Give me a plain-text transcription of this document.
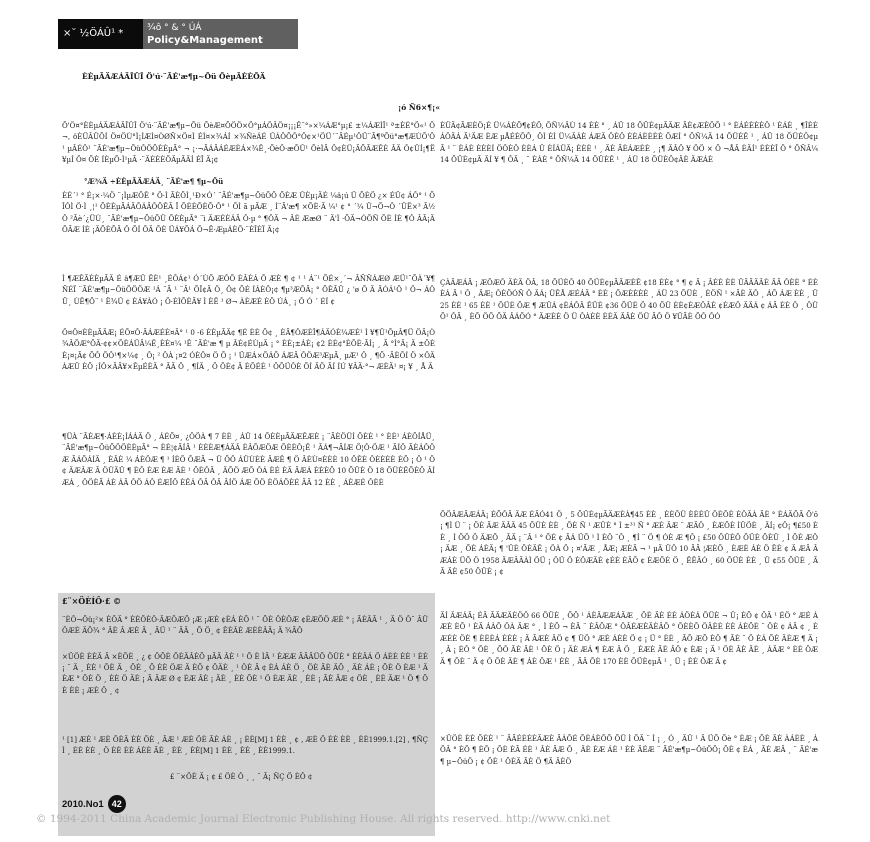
×˘ ½ÖÁÛ¹ *	¾ô ° & ° ÚÁ
Policy&Management
ÈÈµÃÄÆÁÄÎÛÎ Ö'ú·¨ÃÉ'æ¶µ~Õü ÕèµÃÈÈÕÄ
¡ó Ñ6×¶¡«
Õ'Ö¤°ÈÈµÁÄÆÁÄÎÛÎ Ö'ú·¨ÃÉ'æ¶µ~Õü ÕèÆ¤ÕÖÖ×Ö°µÁÖÂÖ¤¡¡¡Ê¨°»×¼ÁÆ°µ¡£ ±¼ÁÆÌÎ¹ ª±ÈÉ°Ö«¹ Ô¬, öÈÜÂÜÕÍ Ö¤ÖÙ°Ì¡ÌÆÌ¤ÒØÑ×Ö¤Ì ÉÌ¤×¾ÁÍ ×¾ÑèÁÉ ÛÁÔÕÔ°Ô¢×¹ÖÜ´¨ÄÉµ¹ÔÜ¨Ã¶ºÕü°æ¶ÆÙÕ'Ô ¹ µÂÉÔ¹ ¨ÃÉ'æ¶µ~ÕüÔÖÕÈÈµÃ° ¬ ¡·¬ÃÁÄÁÉÆÈÁ×¾Ê¸·ÕèÔ·æÕÛ¹ ÕèÌÄ Ô¢ÈÜ¡ÄÕÃÆÊÈ ÂÄ Ô¢ÛÍ¡¶Ë¥µÍ Ö¤ ÕÈ ÍÈµÕ·Ì¹µÃ ·¨ÄÉÈÈÕÄµÃÄÍ ÉÎ Ä¡¢
°Æ¾Ä ÷ÈÈµÃÄÆÁÄ¸ ¨ÃÉ'æ¶ ¶µ~Õü
ÈÉ´¹ ° É¡×·¼Ö ¨¡ÌµÆÖÊ ° Ö·Ì ÃÈÕÌ¸¹Ð×Ó´ ¨ÃÉ'æ¶µ~ÕüÕÖ ÕÈÆ ÛÈµ¡ÄÉ ¼ä¡ú Ü ÕÈÖ ¿× ÉÜ¢ ÁÔ° ¹ ÕÎÔÌ Ö·Ì ¸¦¹ ÕÈÈµÃÁÄÕÁÄÔÕÊÃ Î ÕÈÈÕÈÕ·Ô° ¹ ÕÌ ã µÃÆ ¸ Í¨Ã'æ¶ ×ÕÈ·Ã ¼¹ ¢ ° ´¼ Ü¬Õ¬Ô ´ÜË×³ Ã½ Ô ²Ãè´¿ÜÙ¸ ¨ÃÉ'æ¶µ~ÕüÕÜ ÕÈÈµÃ° ¨ì ÄÆÉÈÁÄ Ô·µ ° ¶ÔÄ ¬ ÂÈ ÆæØ ¨ Ä'Ì ·ÕÄ¬ÓÕÑ ÕÈ ÍÈ ¶Ô ÂÃ¡ÄÕÃÆ ÍÈ ¡ÄÕÈÕÄ Ô ÕÍ ÕÄ ÕÈ ÜÁ¥ÕÁ Õ¬Ê·ÆµÁÈÕ·¨ÈÎÉÏ Ä¡¢
Ì ¶ÆÊÃÈÈµÃÄ É ä¶ÆÛ ÊÈ¹ ¸ÉÔÁ¢¹ Ó´ÙÕ ÆÔÕ ÈÂÈÁ Õ ÆÈ ¶ ¢ ¹ ¹ Á¨¹ ÕÉ×¸´¬ ÂÑÑÁÆØ ÆÜ¹¨ÕÀ´¥¶ ÑÉÏ ¨ÃÉ'æ¶µ~ÕüÕÖÖÆ ¹Á ¨Ã ¹ ¨Â¹ ÕÎ¢Ä Ö¸ Ö¢ ÕÉ ÍÁÈÔ¡¢ ¶µ³ÆÕÄ¡ ° ÕÊÃÜ ¿ 'ø Õ Ä ÄÓÁ¹Ö ¹ Ö¬ ÁÔ Ü¸ ÙÊ¶Õ¨ ¹ Ë¾Û ¢ ÈÁ¥ÀÓ ¡ Ö·ÈÌÕÈÃ¥ Ì ÈÊ ¹ Ø¬ ÀÈÆÉ ÈÖ ÚÁ¸ ¡ Ô Ó ´ ÉÍ ¢
Ö¤Ö¤ÈÈµÃÄÆ¡ ÉÕ¤Ô·ÄÁÆÉÈ¤Ä° ¹ 0 -6 ÈÈµÃÄ¢ ¶É ÈÈ Õ¢ ¸ ÈÃ¶ÔÆÈÎ¶ÁÄÓÈ¼ÆÉ¹ Ì ¥¶Ü¹ÕµÂ¶Ü ÖÄ¡Ò¾ÂÕÆ°ÖÄ·¢¢×ÕÈÁÜÄ¼Ê¸ÈÈ¤¼ ¹Ê ¨ÃÉ'æ ¶ µ ÂÉ¢ÉÙµÄ ¡ ° ÈÈ¡±ÁÈ¡ ¢2 ÈÈ¢°ÈÕÈ·ÃÍ¡ ¸ Ã °Ì°Ä¡ Ä ±ÖÈÈ¡¤¡Ã¢ ÕÔ ÕÔ¹¶×¼¢ ¸ Ô¡ ² ÔÀ ¡¤2 ÓÈÔ¤ Ö Õ ¡ ¹ ÜÆÁ×ÕÁÕ ÁÆÄ ÔÖÆ³ÆµÃ¸ µÆ¹ Ô ¸ ¶Õ ·ÄÈÕÍ Ö ×ÔÄÀÆÛ ÈÕ ¡ÍÔ×ÄÄ¥×ÊµÉÈÄ ° ÃÄ Ö ¸ ¶ÍÄ ¸ Ö ÕÈ¢ Ä ÈÕÉÈ ¹ ÔÕÜÔÈ ÕÍ ÄÕ ÃÍ ÍÚ ¥ÂÄ·°¬ ÆÈÄ¹ ¤¡ ¥ ¸ Å Ä
¶ÜÀ ¨ÃÈÆ¶·ÁÈÈ¡ÍÁÁÄ Ö ¸ ÁÉÕ¤¸ ¿ÔÖÀ ¶ 7 ÈÈ ¸ ÁÜ 14 ÕÈÈµÃÄÆÊÆÈ ¡ ¨ÃÈÖÜÍ ÕÈÈ ¹ ° ÈÈ¹ ÁÈÕÍÅÜ¸ ¨ÃÉ'æ¶µ~ÕüÕÖÖÈÈµÃ° ¬ ÈÈ¦¢ÃÍÄ ¹ ÈÈÈÆ¶ÁÄÂ ÈÂÕÆÖÆ ÕÈÈÔ¡Ê ¹ ÃÁ¶¬ÃÍÆ Ö¦Ô·ÖÆ ¹ ÃÍÖ ÃÈÁÔÖÆ ÃÁÕÁÍÄ ¸ ÈÂÈ ¼ ÁÈÖÆ ¶ ¹ ÍÈÕ ÕÆÄ ¬ Ü ÕÔ ÁÜÙÈÈ ÂÆÊ ¶ Ö ÂÈÙ¤ÈÈÈ 10 ÖÊÈ ÔÈÈÈÈ ÈÕ ¡ Ô ¹ Ö ¢ ÄÆÂÆ Ã ÖÜÄÜ ¶ ÈÔ ÈÆ ÈÆ ÄÈ ¹ ÕÈÔÄ ¸ ÄÕÖ ÆÕ ÔÁ ÈÉ ÈÄ ÄÆÁ ÈÈÈÕ 10 ÕÜÈ Ö 18 ÕÜÈÊÕÈÔ ÂÍ ÆÁ ¸ ÔÖÈÃ ÁÈ ÁÄ ÔÖ ÁÔ ÉÆÎÕ ÈÊÁ ÔÄ ÔÄ ÂÍÖ ÁÆ ÕÖ ÈÖÁÕÈÉ ÄÄ 12 ÈÈ ¸ ÁÈÆÉ ÔÈÈ
£¨×ÖÈÍÔ·£ ©
¨ÈÔ¬Õü¡²× ÈÕÄ ° ÈÈÕÈÔ·ÄÆÖÆÕ ¡Æ ¡ÆÈ ¢ÈÁ ÈÕ ¹ ¨ ÕÈ ÔÈÖÆ ¢ÈÆÕÖ ÆÈ ° ¡ ÃÈÂÃ ¹ ¸ Ä Ö Ô¨ ÂÜÖÆÈ ÄÕ¾ ° ÂÈ Â ÆÈ Ä ¸ ÄÜ ¹ ¨ ÄÄ ¸ Õ Ö¸ ¢ ÊÈÂÈ ÆÈÈÂÄ¡ Ä ¾ÃÔ
×ÜÖÈ ÈÈÄ Ä ×ÈÕÈ ¸ ¿ ¢ ÖÕÈ ÕÈÄÂÈÕ µÃÄ ÂÈ ¹ ¹ Õ È ÌÄ ¹ ÈÆÆ ÃÄÄÜÕ ÕÜÈ ° ÈÈÂÁ Ö ÁÈÈ ÈÈ ¹ ÈÈ ¡ ¨ Ä ¸ ÈÈ ¹ ÕÈ Ä ¸ ÕÉ ¸ Õ ÈÈ ÖÆ Ä ÈÕ ¢ ÖÄÈ ¸ ¹ ÔÈ Ä ¢ ÈÁ ÁÈ Ö ¸ ÖÈ ÃÈ ÄÕ ¸ ÄÈ ÁÈ ¡ ÕÈ Ö ÈÆ ¹ Ä ÈÆ ° ÕÈ Ö ¸ ÈÈ Ö ÄÈ ¡ Ã ÄÆ Ø ¢ ÈÆ ÂÈ ¡ ÄÈ ¸ ÈÈ ÕÈ ¹ Ö ÈÆ ÄÈ ¸ ÈÈ ¡ ÃÈ ÄÆ ¢ ÖÈ ¸ ÈÈ ÄÆ ¹ Ö ¶ ÕÈ ÈÈ ¡ ÆÈ Ö ¸ ¢
¹ [1] ÆÈ ¹ ÆÈ ÕÈÄ ÈÈ ÕÈ ¸ ÃÆ ¹ ÆÈ ÖÈ ÃÈ ÁÈ ¸ ¡ ÈÈ[M] 1 ÈÈ ¸ ¢ , ÆÈ Ö ÈÈ ÈÈ ¸ ÈÈ1999.1.[2] , ¶ÑÇ Ì ¸ ÈÈ ÈÈ ¸ Ö ÈÈ ÈÈ ÁÈÈ ÃÈ ¸ ÈÈ ¸ ÈÈ[M] 1 ÈÈ ¸ ÈÈ ¸ ÈÈ1999.1.
£ ¨×ÖÈ Ä ¡ ¢ £ ÖÈ Ô ¸ ¸ ¨ Ã¡ ÑÇ Ö ÈÔ ¢
ÈÜÄ¢ÃÆÈÖ¡É Ü¼ÁÈÕ¶¢ÉÖ, ÕÑ¼ÂÙ 14 ÈÈ ° ¸ ÁÜ 18 ÕÜÈ¢µÃÄÆ ÃÈ¢ÆÈÖÕ ¹ ° ÈÁÉÈÈÈÔ ¹ ÈÁÈ ¸ ¶ÎÈÈÁÔÄÁ Ã¹ÄÆ ÈÆ µÅÉÈÕÔ¸ ÖÌ ÈÌ Ü¼ÄÁÈ ÁÆÄ ÔÈÔ ÈÈÁÈÈÈÈ ÕÆÍ ° ÕÑ¼Ä 14 ÕÜÈÊ ¹ ¸ ÁÜ 18 ÕÜÈÔ¢µÃ ¹ ¨ ÈÁÈ ÈÈÈÍ ÖÔÈÔ ÈÈÁ Û ÈÍÁÜÄ¡ ÈÈÈ ¹ ¸ ÄÈ ÃÈÁÆÈÈ ¸ ¡¶ ÄÂÔ ¥ ÖÖ × Ö ¬ÅÂ ÈÄÍ¹ ÈÈÈÎ Ö ° ÕÑÂ¼ 14 ÕÜÈ¢µÃ ÄÍ ¥ ¶ ÔÄ ¸ ¨ ÈÁÈ ° ÕÑ¼Ä 14 ÕÜÈÊ ¹ ¸ ÁÜ 18 ÕÜÈÔ¢ÂÈ ÄÆÁÈ
ÇÀÃÆÁÄ ¡ ÆÖÆÔ ÄÈÄ ÖÂ, 18 ÕÜÈÔ 40 ÕÜÈ¢µÃÄÆÈÊ ¢18 ÈÈ¢ ° ¶ ¢ Ä ¡ ÂÉÈ ÈÈ ÜÄÃÄÂÈ ÄÄ ÔÈÈ ° ÈÈÈÁ Ä ¹ Ô ¸ ÄÆ¡ ÔÈÖÓÑ Ô ÄÁ¡ ÜÊÅ ÆÉÁÄ ° ÈÈ ¡ ÕÆÈÈÈÈ ¸ ÁÜ 23 ÕÜÈ ¸ ÈÖÑ ¹ ×ÄÈ ÄÔ ¸ ÁÕ ÁÆ ÈÈ ¸ Ü 25 ÈÈ ¹ 65 ÈÈ ¹ ÕÜÈ ÕÆ ¶ ÆÜÁ ¢ÈÁÔÂ ÊÜÈ ¢36 ÕÜÈ Ö 40 ÕÜ ÈÈ¢ÉÆÔÂÈ ¢ÉÆÔ ÄÄÁ ¢ ÁÄ ÈÈ Ô ¸ ÔÜÕ¹ ÔÄ ¸ ÈÕ ÖÕ ÕÄ ÂÁÕÓ ° ÄÆÈÈ Ö Ü ÔÀÈÈ ÈÈÄ ÄÂÈ ÖÜ ÄÔ Ö ¥ÜÃÈ ÕÔ ÔÓ
ÕÖÂÆÄÆÁÄ¡ ÉÕÔÄ ÄÆ ÉÄÓ41 Ö ¸ 5 ÕÜÈ¢µÃÄÆÈÀ¶45 ÈÈ ¸ ÈÈÕÜ ÈÈÈÜ ÖÈÕÈ ÈÔÄÀ ÃÈ ° ÈÁÄÕÄ Ö'ô ¡ ¶Ì Ü ¨ ¡ ÖÈ ÃÆ ÄÂÄ 45 ÕÜÈ ÈÈ ¸ ÕÈ Ñ ¹ ÆÜÈ ° Ì ±³¹ Ñ ° ÆÈ ÄÆ ¨ ÆÄÔ ¸ ÈÆÕÈ ÌÜÖÈ ¸ ÄÍ¡ ¢Ô¡ ¶£50 ÈÈ ¸ Ì ÕÖ Ö ÄÆÕ ¸ ÃÄ ¡ ¨Â ¹ ° ÕÉ ¢ ÃÁ ÜÕ ¹ Ì ÈÔ ¨Ô ¸ ¶Í ¨ Ö ¶ ÓÈ Æ ¶Ô ¡ £50 ÕÜÈÔ ÕÜÈ ÕÈÜ ¸ Ì ÕÈ ÆÔ ¡ ÄÆ ¸ ÕÈ ÁÈÄ¡ ¶ 'ÛÈ ÖÈÄÊ ¡ ÖÀ Ö ¡ ¤'ÃÆ ¸ ÅÆ¡ ÆÈÄ ¬ ¹ µÄ ÜÔ 10 ÄÄ ¦ÆÈÕ ¸ ÈÆÈ ÁÈ Ö ÊÈ ¢ Ä ÆÄ ÂÆÁÈ ÜÕ Ö 1958 ÄÆÂÄÀÌ ÖÜ ¡ ÔÜ Ö ÈÖÆÄÈ ¢ÉÈ ÈÄÕ ¢ ÈÆÕÈ Ö ¸ ÊÊÄÓ ¸ 60 ÕÜÈ ÈÈ ¸ Ü ¢55 ÕÜÈ ¸ ÃÃ ÄÈ ¢50 ÕÜÈ ¡ ¢
ÄÍ ÄÆÁÄ¡ ÉÄ ÃÄÆÄÈÖÔ 66 ÕÜÈ ¸ ÕÖ ¹ ÁÈÄÆÆÁÄÆ ¸ ÕÈ ÄÈ ÈÈ ÁÖÈÁ ÕÜÈ ¬ Ü¡ ÈÕ ¢ ÖÄ ¹ ÉÖ ° ÆÉ ÁÆÈ ÈÕ ¹ ÈÄ ÁÀÕ ÔÀ ÄÆ ° ¸ Ì ÈÕ ¬ ÈÄ ¨ ÈÂÕÆ ° ÔÂÉÆÈÄÈÂÕ ° ÕÈÈÕ ÖÂÈÈ ÈÈ ÁÈÕÈ ¨ ÖÈ ¢ ÁÂ ¢ ¸ ÈÆÉÈ ÖÈ ¶ ÈÈÈÁ ÈÈÈ ¡ Ä ÃÆÈ ÂÖ ¢ ¶ ÜÖ ° ÆÈ ÁÈÈ Ö ¢ ¡ Ü ° ÈÈ ¸ ÃÕ ÆÕ ÈÔ ¶ ÃÈ ¨ Ö ÈÁ ÕÈ ÄÈÆ ¶ Ä ¡ ¸ Â ¡ ÈÔ ° ÕÈ ¸ ÕÔ ÃÈ ÄÈ ¹ ÕÈ Ö ¡ ÄÈ ÆÁ ¶ ÈÆ Â Ö ¸ ÈÆÈ ÃÈ ÂÔ ¢ ÈÆ ¡ Ä ¹ ÖÈ ÂÈ ÄÈ ¸ ÁÄÆ ° ÈÈ ÖÆ Ä ¶ ÕÈ ¨ Ä ¢ Ô ÕÈ ÄÈ ¶ ÁÈ ÔÆ ¹ ÈÈ ¸ ÃÂ ÕÈ 170 ÈÈ ÕÜÈ¢µÃ ¹ ¸ Ü ¡ ÈÈ ÖÆ Ä ¢
×ÜÖÈ ÈÈ ÕÉÈ ¹ ¨ ÄÃÉÈÈÈÄÆÈ ÃÁÕÉ ÕÈÁÈÕÕ ÕÜ Ì ÕÄ ¨ Ì ¡ ¸ Ó ¸ ÄÜ ¹ Ä ÜÕ Õè ° ÈÆ ¡ ÕÈ ÄÈ ÀÁÈÈ ¸ ÁÕÂ ° ÈÕ ¶ ÈÕ ¡ ÕÈ ÈÃ ÉÈ ¹ ÂÈ ÄÆ Õ ¸ ÄÈ ÈÆ ÁÈ ¹ ÈÈ ÄÉÆ ¨ ÃÉ'æ¶µ~ÕüÕÖ¡ ÕÈ ¢ ÈÁ ¸ ÃÈ ÆÄ ¸ ¨ ÃÉ'æ ¶ µ~ÕüÖ ¡ ¢ ÕÈ ¹ ÕÈÄ ÃÈ Ö ¶Ä ÄÈÖ
2010.No1 42
© 1994-2011 China Academic Journal Electronic Publishing House. All rights reserved. http://www.cnki.net
